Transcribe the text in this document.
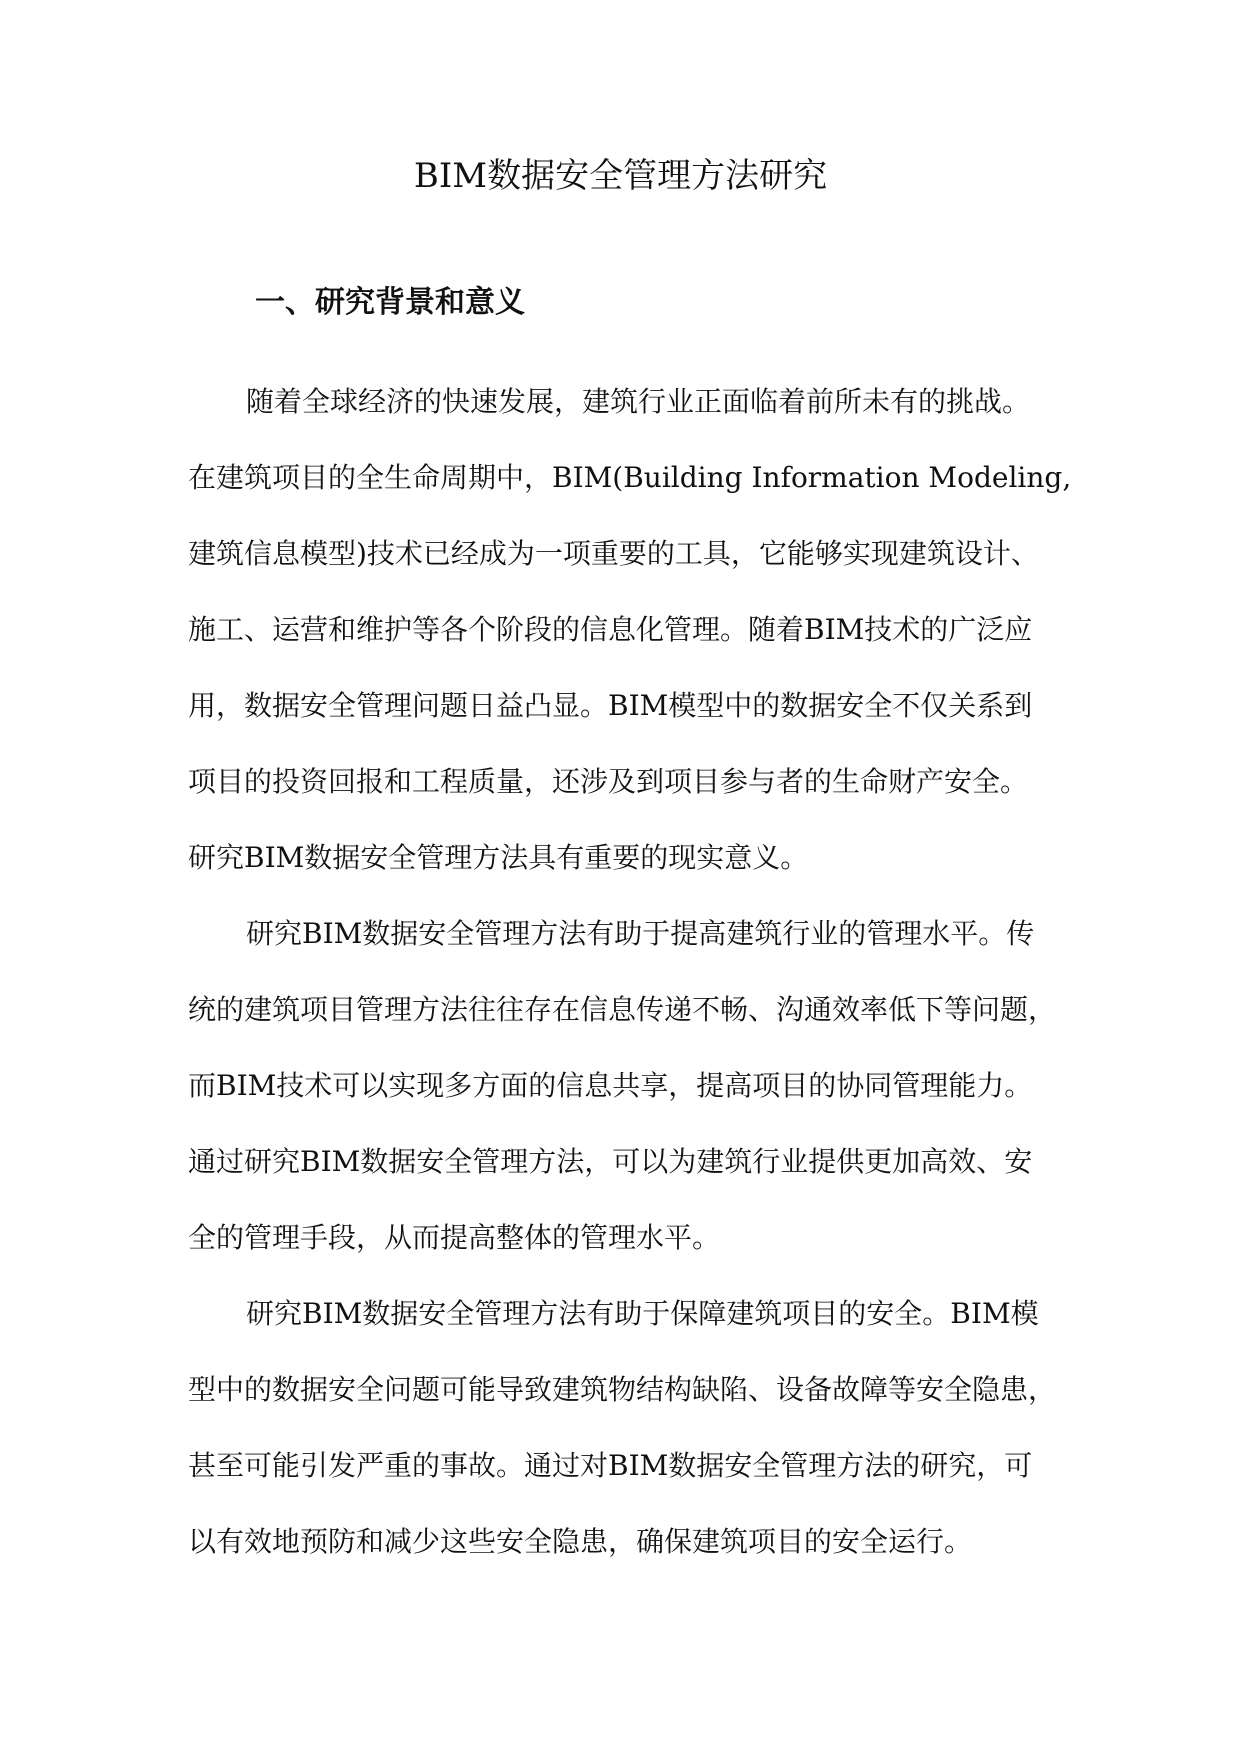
BIM数据安全管理方法研究
一、研究背景和意义

随着全球经济的快速发展，建筑行业正面临着前所未有的挑战。
在建筑项目的全生命周期中，BIM(Building Information Modeling,
建筑信息模型)技术已经成为一项重要的工具，它能够实现建筑设计、
施工、运营和维护等各个阶段的信息化管理。随着BIM技术的广泛应
用，数据安全管理问题日益凸显。BIM模型中的数据安全不仅关系到
项目的投资回报和工程质量，还涉及到项目参与者的生命财产安全。
研究BIM数据安全管理方法具有重要的现实意义。

研究BIM数据安全管理方法有助于提高建筑行业的管理水平。传
统的建筑项目管理方法往往存在信息传递不畅、沟通效率低下等问题，
而BIM技术可以实现多方面的信息共享，提高项目的协同管理能力。
通过研究BIM数据安全管理方法，可以为建筑行业提供更加高效、安
全的管理手段，从而提高整体的管理水平。

研究BIM数据安全管理方法有助于保障建筑项目的安全。BIM模
型中的数据安全问题可能导致建筑物结构缺陷、设备故障等安全隐患，
甚至可能引发严重的事故。通过对BIM数据安全管理方法的研究，可
以有效地预防和减少这些安全隐患，确保建筑项目的安全运行。
